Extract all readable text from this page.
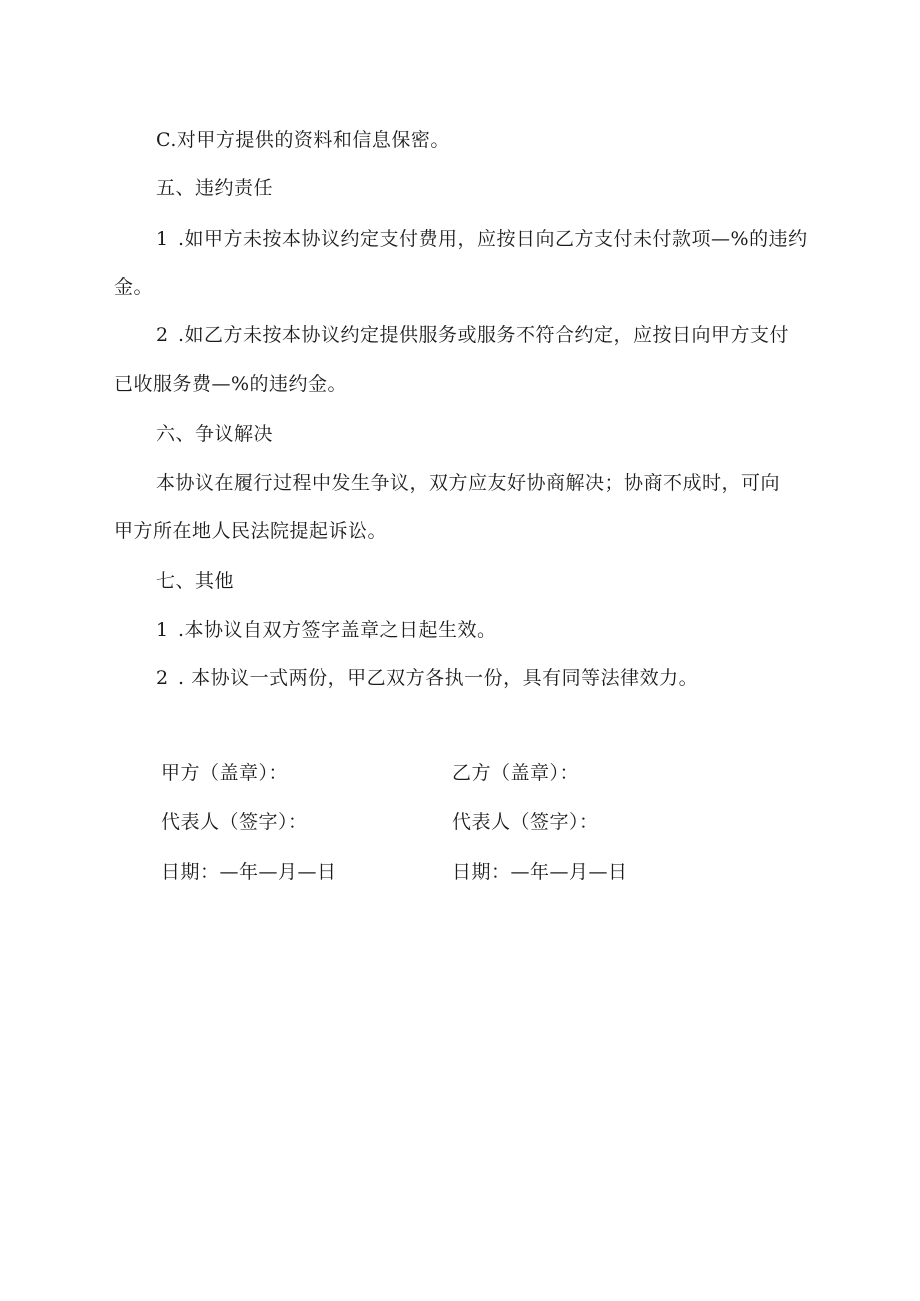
C.对甲方提供的资料和信息保密。
五、违约责任
1 .如甲方未按本协议约定支付费用，应按日向乙方支付未付款项—%的违约
金。
2 .如乙方未按本协议约定提供服务或服务不符合约定，应按日向甲方支付
已收服务费—%的违约金。
六、争议解决
本协议在履行过程中发生争议，双方应友好协商解决；协商不成时，可向
甲方所在地人民法院提起诉讼。
七、其他
1 .本协议自双方签字盖章之日起生效。
2 . 本协议一式两份，甲乙双方各执一份，具有同等法律效力。
甲方（盖章）：	乙方（盖章）：
代表人（签字）：	代表人（签字）：
日期：—年—月—日	日期：—年—月—日
